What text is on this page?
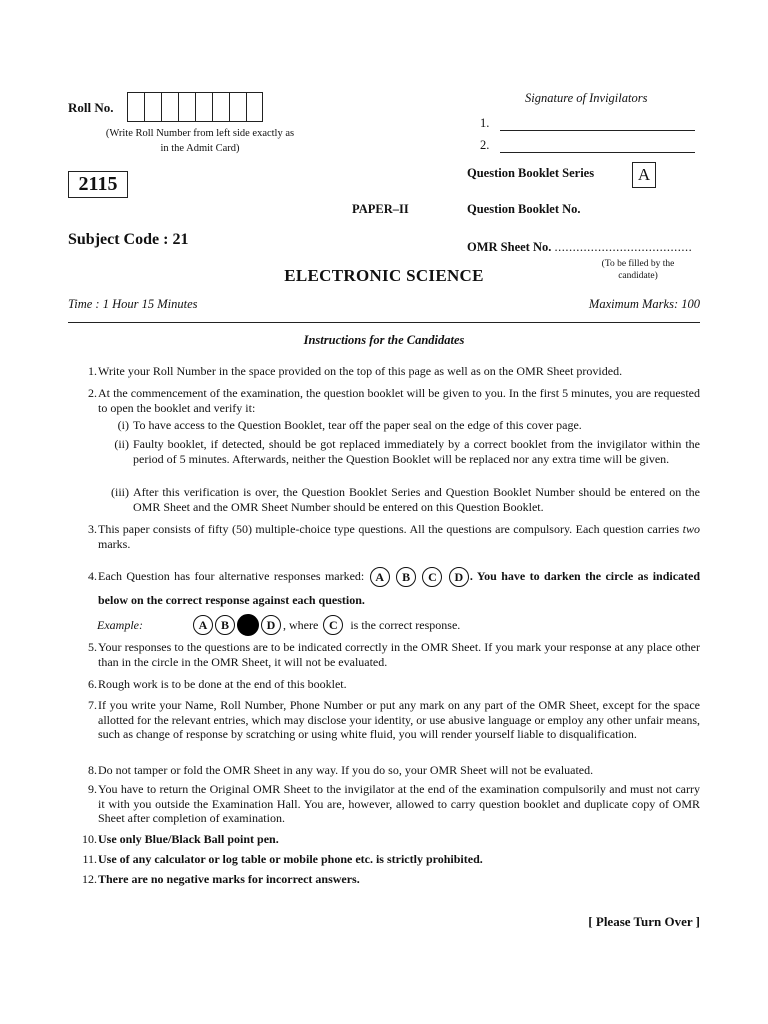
Roll No.
(Write Roll Number from left side exactly as in the Admit Card)
Signature of Invigilators
1.
2.
2115	Question Booklet Series	A
PAPER–II	Question Booklet No.
Subject Code : 21	OMR Sheet No. ......................................
(To be filled by the candidate)
ELECTRONIC SCIENCE
Time : 1 Hour 15 Minutes	Maximum Marks: 100
Instructions for the Candidates
1. Write your Roll Number in the space provided on the top of this page as well as on the OMR Sheet provided.
2. At the commencement of the examination, the question booklet will be given to you. In the first 5 minutes, you are requested to open the booklet and verify it:
(i) To have access to the Question Booklet, tear off the paper seal on the edge of this cover page.
(ii) Faulty booklet, if detected, should be got replaced immediately by a correct booklet from the invigilator within the period of 5 minutes. Afterwards, neither the Question Booklet will be replaced nor any extra time will be given.
(iii) After this verification is over, the Question Booklet Series and Question Booklet Number should be entered on the OMR Sheet and the OMR Sheet Number should be entered on this Question Booklet.
3. This paper consists of fifty (50) multiple-choice type questions. All the questions are compulsory. Each question carries two marks.
4. Each Question has four alternative responses marked: A B C D . You have to darken the circle as indicated below on the correct response against each question.
Example:	A	B	D , where C	is the correct response.
5. Your responses to the questions are to be indicated correctly in the OMR Sheet. If you mark your response at any place other than in the circle in the OMR Sheet, it will not be evaluated.
6. Rough work is to be done at the end of this booklet.
7. If you write your Name, Roll Number, Phone Number or put any mark on any part of the OMR Sheet, except for the space allotted for the relevant entries, which may disclose your identity, or use abusive language or employ any other unfair means, such as change of response by scratching or using white fluid, you will render yourself liable to disqualification.
8. Do not tamper or fold the OMR Sheet in any way. If you do so, your OMR Sheet will not be evaluated.
9. You have to return the Original OMR Sheet to the invigilator at the end of the examination compulsorily and must not carry it with you outside the Examination Hall. You are, however, allowed to carry question booklet and duplicate copy of OMR Sheet after completion of examination.
10. Use only Blue/Black Ball point pen.
11. Use of any calculator or log table or mobile phone etc. is strictly prohibited.
12. There are no negative marks for incorrect answers.
[ Please Turn Over ]
